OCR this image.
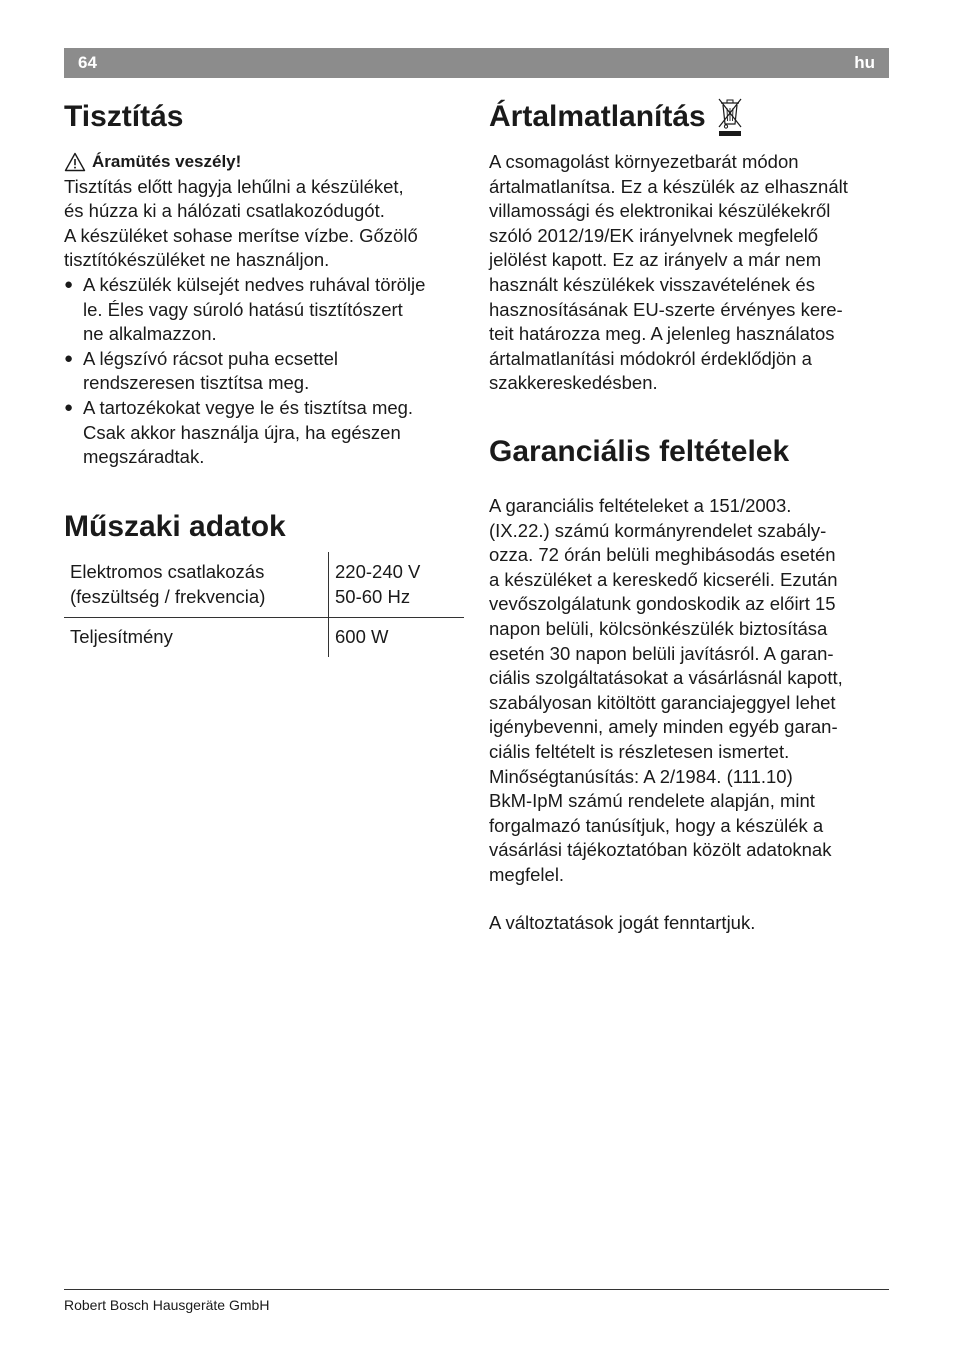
64	hu
Tisztítás
Áramütés veszély!

Tisztítás előtt hagyja lehűlni a készüléket,
és húzza ki a hálózati csatlakozódugót.
A készüléket sohase merítse vízbe. Gőzölő
tisztítókészüléket ne használjon.

● A készülék külsejét nedves ruhával törölje
le. Éles vagy súroló hatású tisztítószert
ne alkalmazzon.
● A légszívó rácsot puha ecsettel
rendszeresen tisztítsa meg.
● A tartozékokat vegye le és tisztítsa meg.
Csak akkor használja újra, ha egészen
megszáradtak.
Műszaki adatok
Elektromos csatlakozás
(feszültség / frekvencia)	220-240 V
50-60 Hz
Teljesítmény	600 W
Ártalmatlanítás
A csomagolást környezetbarát módon
ártalmatlanítsa. Ez a készülék az elhasznált
villamossági és elektronikai készülékekről
szóló 2012/19/EK irányelvnek megfelelő
jelölést kapott. Ez az irányelv a már nem
használt készülékek visszavételének és
hasznosításának EU-szerte érvényes kere-
teit határozza meg. A jelenleg használatos
ártalmatlanítási módokról érdeklődjön a
szakkereskedésben.
Garanciális feltételek
A garanciális feltételeket a 151/2003.
(IX.22.) számú kormányrendelet szabály-
ozza. 72 órán belüli meghibásodás esetén
a készüléket a kereskedő kicseréli. Ezután
vevőszolgálatunk gondoskodik az előirt 15
napon belüli, kölcsönkészülék biztosítása
esetén 30 napon belüli javításról. A garan-
ciális szolgáltatásokat a vásárlásnál kapott,
szabályosan kitöltött garanciajeggyel lehet
igénybevenni, amely minden egyéb garan-
ciális feltételt is részletesen ismertet.
Minőségtanúsítás: A 2/1984. (111.10)
BkM-IpM számú rendelete alapján, mint
forgalmazó tanúsítjuk, hogy a készülék a
vásárlási tájékoztatóban közölt adatoknak
megfelel.
A változtatások jogát fenntartjuk.
Robert Bosch Hausgeräte GmbH
